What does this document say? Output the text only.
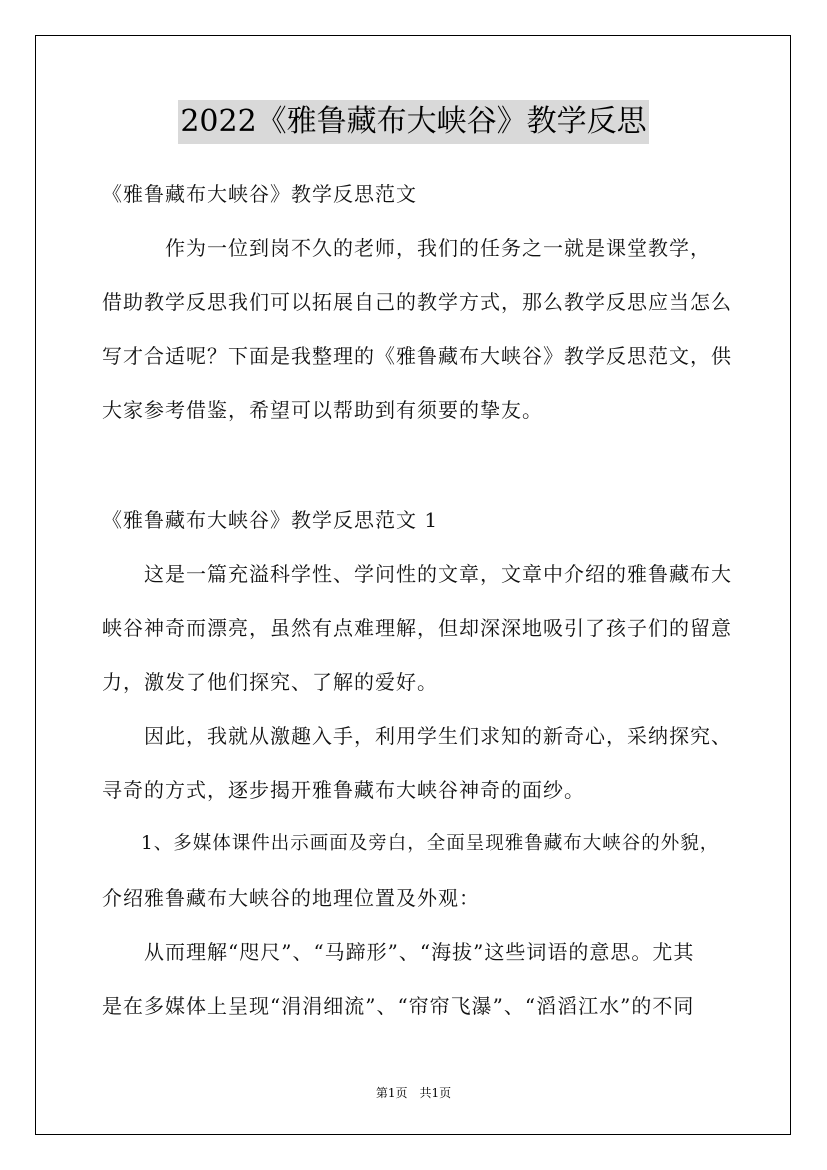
2022《雅鲁藏布大峡谷》教学反思
《雅鲁藏布大峡谷》教学反思范文
　　　作为一位到岗不久的老师，我们的任务之一就是课堂教学，
借助教学反思我们可以拓展自己的教学方式，那么教学反思应当怎么
写才合适呢？下面是我整理的《雅鲁藏布大峡谷》教学反思范文，供
大家参考借鉴，希望可以帮助到有须要的挚友。
《雅鲁藏布大峡谷》教学反思范文 1
　　这是一篇充溢科学性、学问性的文章，文章中介绍的雅鲁藏布大
峡谷神奇而漂亮，虽然有点难理解，但却深深地吸引了孩子们的留意
力，激发了他们探究、了解的爱好。
　　因此，我就从激趣入手，利用学生们求知的新奇心，采纳探究、
寻奇的方式，逐步揭开雅鲁藏布大峡谷神奇的面纱。
　　1、多媒体课件出示画面及旁白，全面呈现雅鲁藏布大峡谷的外貌，
介绍雅鲁藏布大峡谷的地理位置及外观：
　　从而理解“咫尺”、“马蹄形”、“海拔”这些词语的意思。尤其
是在多媒体上呈现“涓涓细流”、“帘帘飞瀑”、“滔滔江水”的不同
第1页　共1页
